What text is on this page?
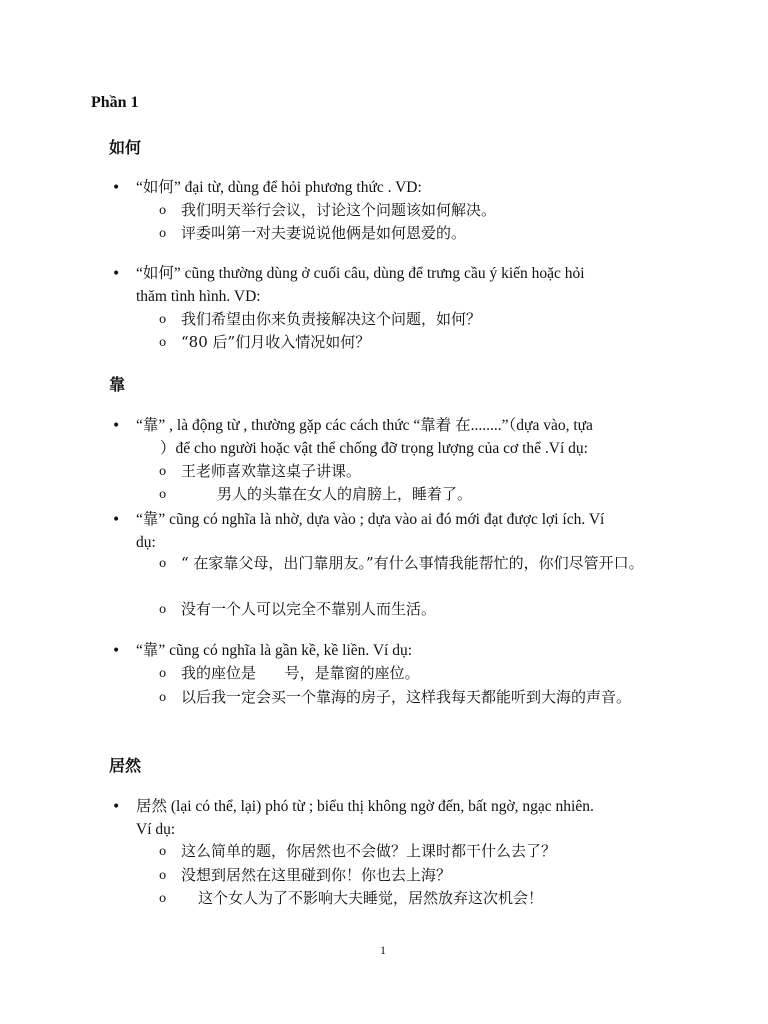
Phần 1
如何
• “如何” đại từ, dùng để hỏi phương thức . VD:
o 我们明天举行会议，讨论这个问题该如何解决。
o 评委叫第一对夫妻说说他俩是如何恩爱的。
• “如何” cũng thường dùng ở cuối câu, dùng để trưng cầu ý kiến hoặc hỏi
thăm tình hình. VD:
o 我们希望由你来负责接解决这个问题，如何？
o “80 后”们月收入情况如何？
靠
• “靠” , là động từ , thường gặp các cách thức “靠着 在........”（dựa vào, tựa
）để cho người hoặc vật thể chống đỡ trọng lượng của cơ thể .Ví dụ:
o 王老师喜欢靠这桌子讲课。
o	男人的头靠在女人的肩膀上，睡着了。
• “靠” cũng có nghĩa là nhờ, dựa vào ; dựa vào ai đó mới đạt được lợi ích. Ví
dụ:
o “ 在家靠父母，出门靠朋友。”有什么事情我能帮忙的，你们尽管开口。
o 没有一个人可以完全不靠别人而生活。
• “靠” cũng có nghĩa là gần kề, kề liền. Ví dụ:
o 我的座位是      号，是靠窗的座位。
o 以后我一定会买一个靠海的房子，这样我每天都能听到大海的声音。
居然
• 居然 (lại có thể, lại) phó từ ; biểu thị không ngờ đến, bất ngờ, ngạc nhiên.
Ví dụ:
o 这么简单的题，你居然也不会做？上课时都干什么去了？
o 没想到居然在这里碰到你！你也去上海？
o 这个女人为了不影响大夫睡觉，居然放弃这次机会！
1
